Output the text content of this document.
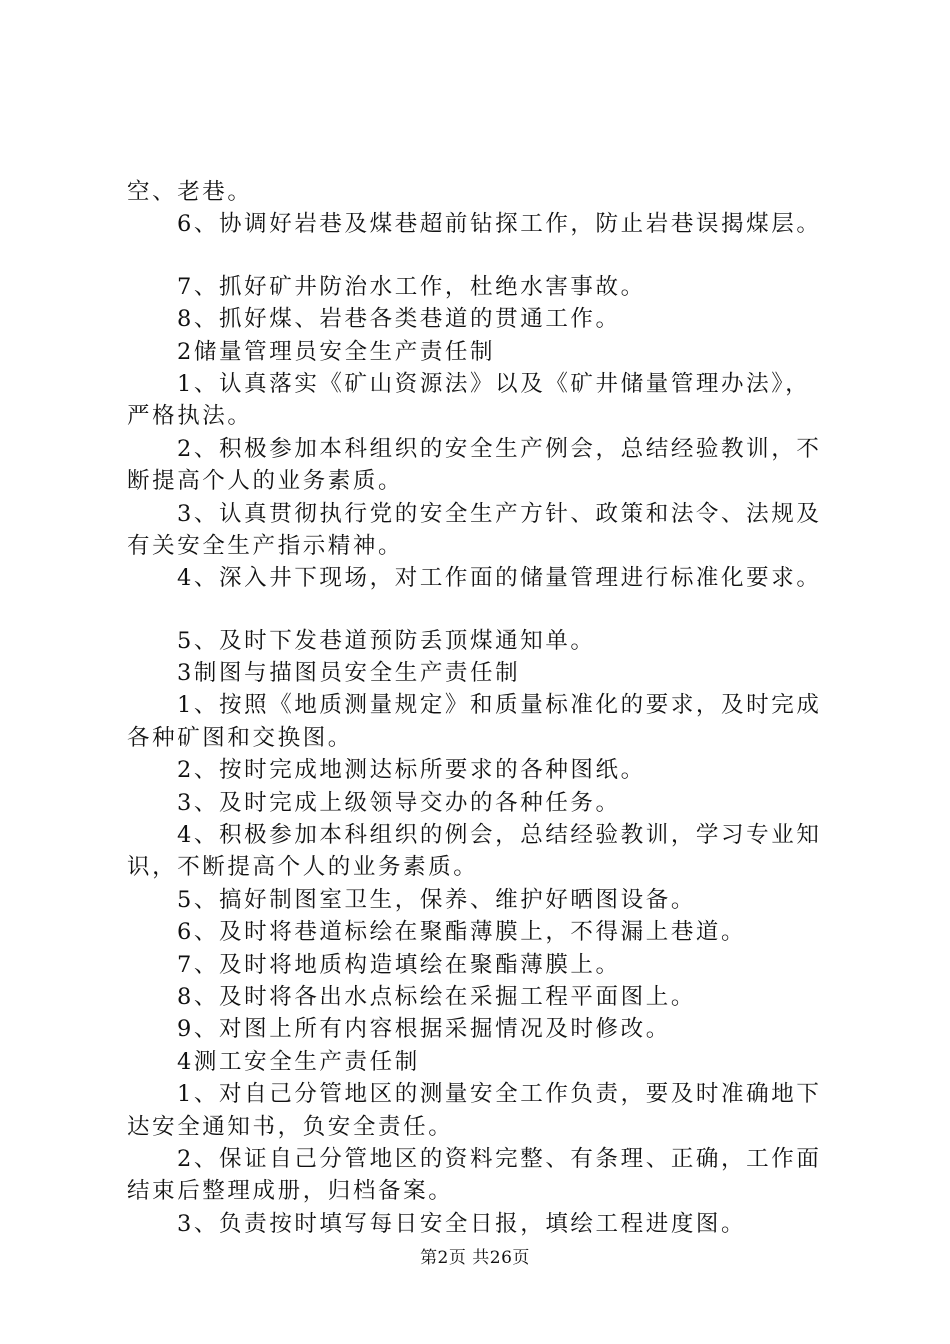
空、老巷。
6、协调好岩巷及煤巷超前钻探工作，防止岩巷误揭煤层。
7、抓好矿井防治水工作，杜绝水害事故。
8、抓好煤、岩巷各类巷道的贯通工作。
2储量管理员安全生产责任制
1、认真落实《矿山资源法》以及《矿井储量管理办法》，
严格执法。
2、积极参加本科组织的安全生产例会，总结经验教训，不
断提高个人的业务素质。
3、认真贯彻执行党的安全生产方针、政策和法令、法规及
有关安全生产指示精神。
4、深入井下现场，对工作面的储量管理进行标准化要求。
5、及时下发巷道预防丢顶煤通知单。
3制图与描图员安全生产责任制
1、按照《地质测量规定》和质量标准化的要求，及时完成
各种矿图和交换图。
2、按时完成地测达标所要求的各种图纸。
3、及时完成上级领导交办的各种任务。
4、积极参加本科组织的例会，总结经验教训，学习专业知
识，不断提高个人的业务素质。
5、搞好制图室卫生，保养、维护好晒图设备。
6、及时将巷道标绘在聚酯薄膜上，不得漏上巷道。
7、及时将地质构造填绘在聚酯薄膜上。
8、及时将各出水点标绘在采掘工程平面图上。
9、对图上所有内容根据采掘情况及时修改。
4测工安全生产责任制
1、对自己分管地区的测量安全工作负责，要及时准确地下
达安全通知书，负安全责任。
2、保证自己分管地区的资料完整、有条理、正确，工作面
结束后整理成册，归档备案。
3、负责按时填写每日安全日报，填绘工程进度图。
第2页 共26页
